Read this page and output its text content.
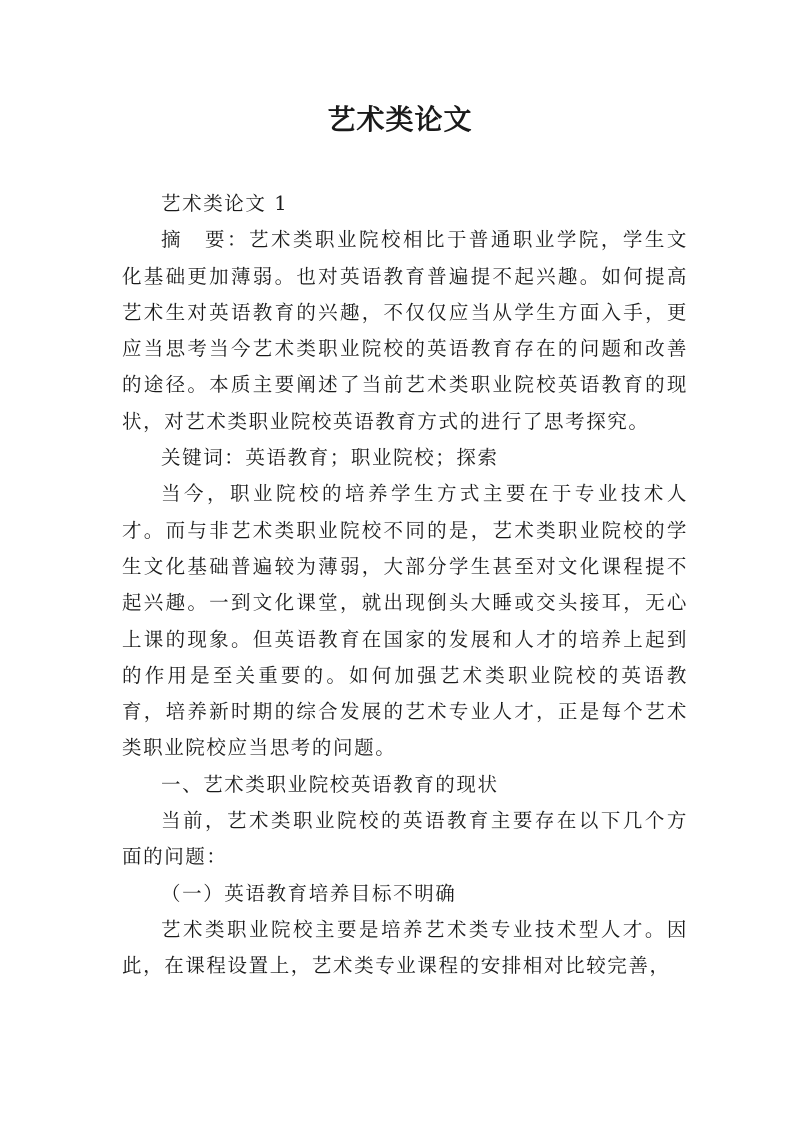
艺术类论文

艺术类论文 1

摘　要：艺术类职业院校相比于普通职业学院，学生文化基础更加薄弱。也对英语教育普遍提不起兴趣。如何提高艺术生对英语教育的兴趣，不仅仅应当从学生方面入手，更应当思考当今艺术类职业院校的英语教育存在的问题和改善的途径。本质主要阐述了当前艺术类职业院校英语教育的现状，对艺术类职业院校英语教育方式的进行了思考探究。

关键词：英语教育；职业院校；探索

当今，职业院校的培养学生方式主要在于专业技术人才。而与非艺术类职业院校不同的是，艺术类职业院校的学生文化基础普遍较为薄弱，大部分学生甚至对文化课程提不起兴趣。一到文化课堂，就出现倒头大睡或交头接耳，无心上课的现象。但英语教育在国家的发展和人才的培养上起到的作用是至关重要的。如何加强艺术类职业院校的英语教育，培养新时期的综合发展的艺术专业人才，正是每个艺术类职业院校应当思考的问题。

一、艺术类职业院校英语教育的现状

当前，艺术类职业院校的英语教育主要存在以下几个方面的问题：

（一）英语教育培养目标不明确

艺术类职业院校主要是培养艺术类专业技术型人才。因此，在课程设置上，艺术类专业课程的安排相对比较完善，
